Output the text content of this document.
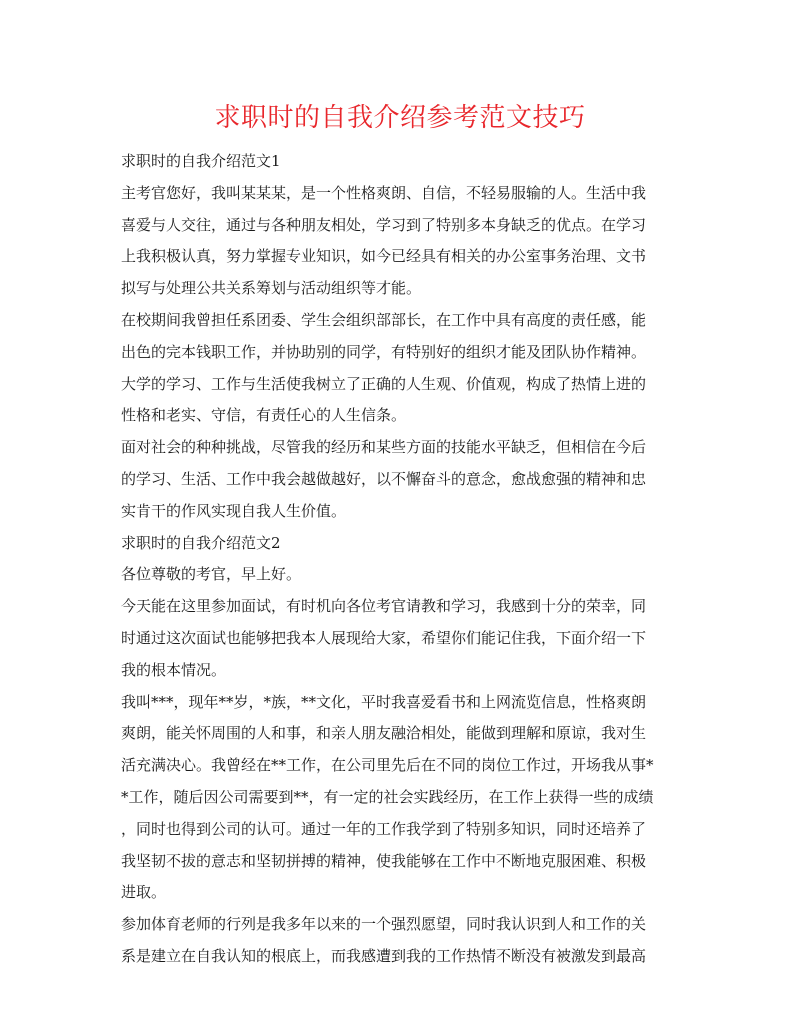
求职时的自我介绍参考范文技巧
求职时的自我介绍范文1
主考官您好，我叫某某某，是一个性格爽朗、自信，不轻易服输的人。生活中我
喜爱与人交往，通过与各种朋友相处，学习到了特别多本身缺乏的优点。在学习
上我积极认真，努力掌握专业知识，如今已经具有相关的办公室事务治理、文书
拟写与处理公共关系筹划与活动组织等才能。
在校期间我曾担任系团委、学生会组织部部长，在工作中具有高度的责任感，能
出色的完本钱职工作，并协助别的同学，有特别好的组织才能及团队协作精神。
大学的学习、工作与生活使我树立了正确的人生观、价值观，构成了热情上进的
性格和老实、守信，有责任心的人生信条。
面对社会的种种挑战，尽管我的经历和某些方面的技能水平缺乏，但相信在今后
的学习、生活、工作中我会越做越好，以不懈奋斗的意念，愈战愈强的精神和忠
实肯干的作风实现自我人生价值。
求职时的自我介绍范文2
各位尊敬的考官，早上好。
今天能在这里参加面试，有时机向各位考官请教和学习，我感到十分的荣幸，同
时通过这次面试也能够把我本人展现给大家，希望你们能记住我，下面介绍一下
我的根本情况。
我叫***，现年**岁，*族，**文化，平时我喜爱看书和上网流览信息，性格爽朗
爽朗，能关怀周围的人和事，和亲人朋友融洽相处，能做到理解和原谅，我对生
活充满决心。我曾经在**工作，在公司里先后在不同的岗位工作过，开场我从事*
*工作，随后因公司需要到**，有一定的社会实践经历，在工作上获得一些的成绩
，同时也得到公司的认可。通过一年的工作我学到了特别多知识，同时还培养了
我坚韧不拔的意志和坚韧拼搏的精神，使我能够在工作中不断地克服困难、积极
进取。
参加体育老师的行列是我多年以来的一个强烈愿望，同时我认识到人和工作的关
系是建立在自我认知的根底上，而我感遭到我的工作热情不断没有被激发到最高
